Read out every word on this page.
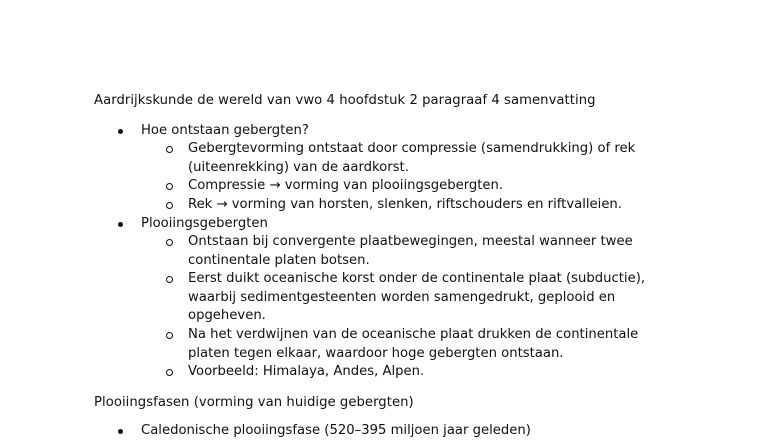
Aardrijkskunde de wereld van vwo 4 hoofdstuk 2 paragraaf 4 samenvatting
Hoe ontstaan gebergten?
Gebergtevorming ontstaat door compressie (samendrukking) of rek
(uiteenrekking) van de aardkorst.
Compressie → vorming van plooiingsgebergten.
Rek → vorming van horsten, slenken, riftschouders en riftvalleien.
Plooiingsgebergten
Ontstaan bij convergente plaatbewegingen, meestal wanneer twee
continentale platen botsen.
Eerst duikt oceanische korst onder de continentale plaat (subductie),
waarbij sedimentgesteenten worden samengedrukt, geplooid en
opgeheven.
Na het verdwijnen van de oceanische plaat drukken de continentale
platen tegen elkaar, waardoor hoge gebergten ontstaan.
Voorbeeld: Himalaya, Andes, Alpen.
Plooiingsfasen (vorming van huidige gebergten)
Caledonische plooiingsfase (520–395 miljoen jaar geleden)
